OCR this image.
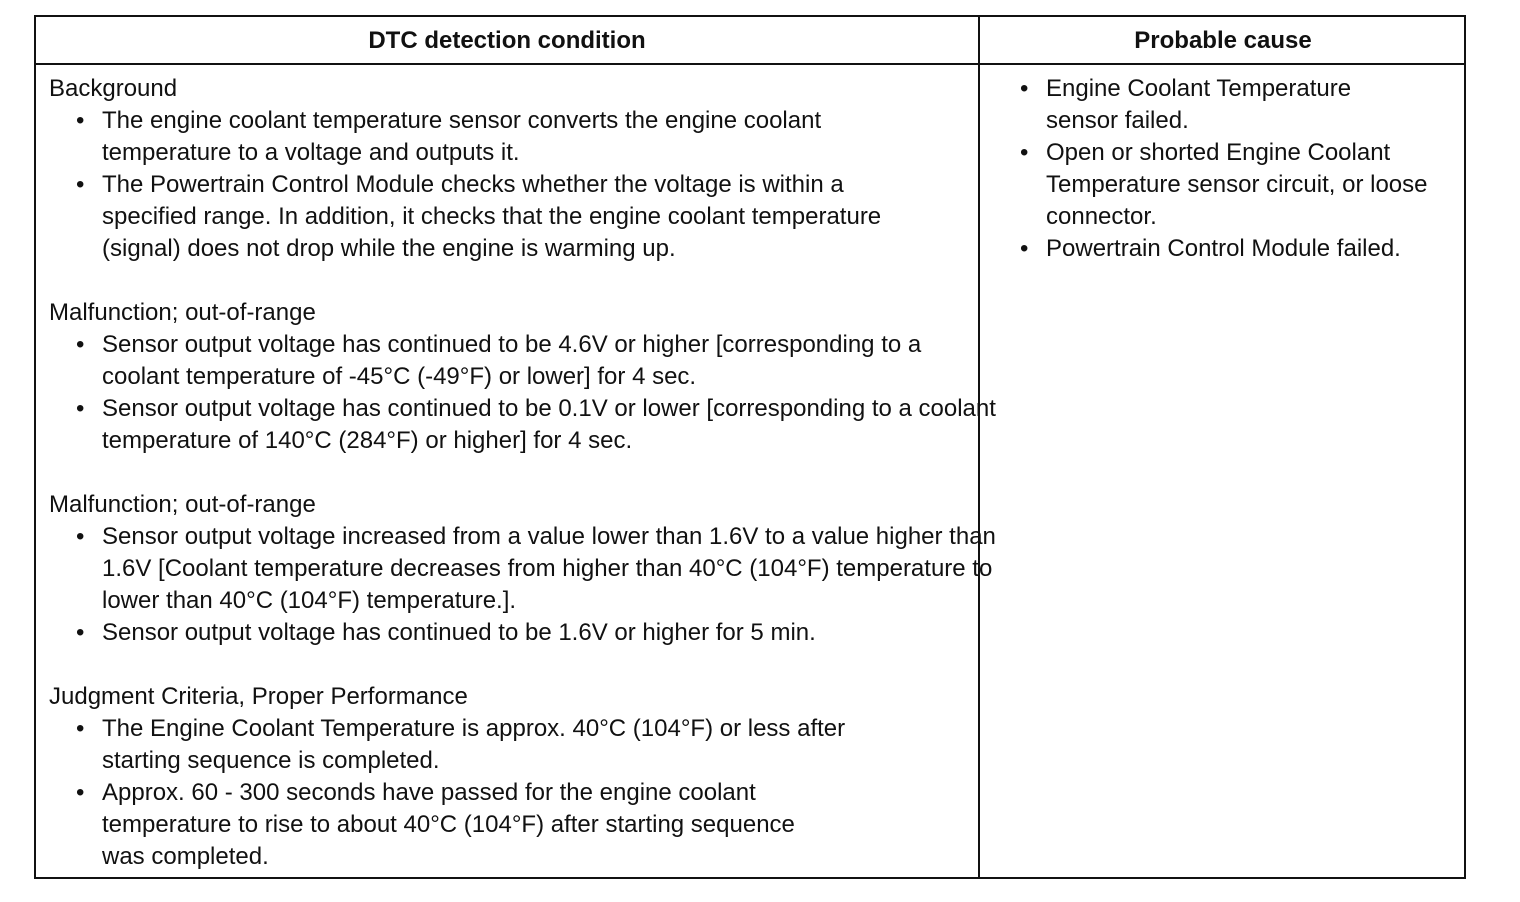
DTC detection condition	Probable cause

Background

• The engine coolant temperature sensor converts the engine coolant temperature to a voltage and outputs it.
• The Powertrain Control Module checks whether the voltage is within a specified range. In addition, it checks that the engine coolant temperature (signal) does not drop while the engine is warming up.

Malfunction; out-of-range

• Sensor output voltage has continued to be 4.6V or higher [corresponding to a coolant temperature of -45°C (-49°F) or lower] for 4 sec.
• Sensor output voltage has continued to be 0.1V or lower [corresponding to a coolant temperature of 140°C (284°F) or higher] for 4 sec.

Malfunction; out-of-range

• Sensor output voltage increased from a value lower than 1.6V to a value higher than 1.6V [Coolant temperature decreases from higher than 40°C (104°F) temperature to lower than 40°C (104°F) temperature.].
• Sensor output voltage has continued to be 1.6V or higher for 5 min.

Judgment Criteria, Proper Performance

• The Engine Coolant Temperature is approx. 40°C (104°F) or less after starting sequence is completed.
• Approx. 60 - 300 seconds have passed for the engine coolant temperature to rise to about 40°C (104°F) after starting sequence was completed.
• Engine Coolant Temperature sensor failed.
• Open or shorted Engine Coolant Temperature sensor circuit, or loose connector.
• Powertrain Control Module failed.
